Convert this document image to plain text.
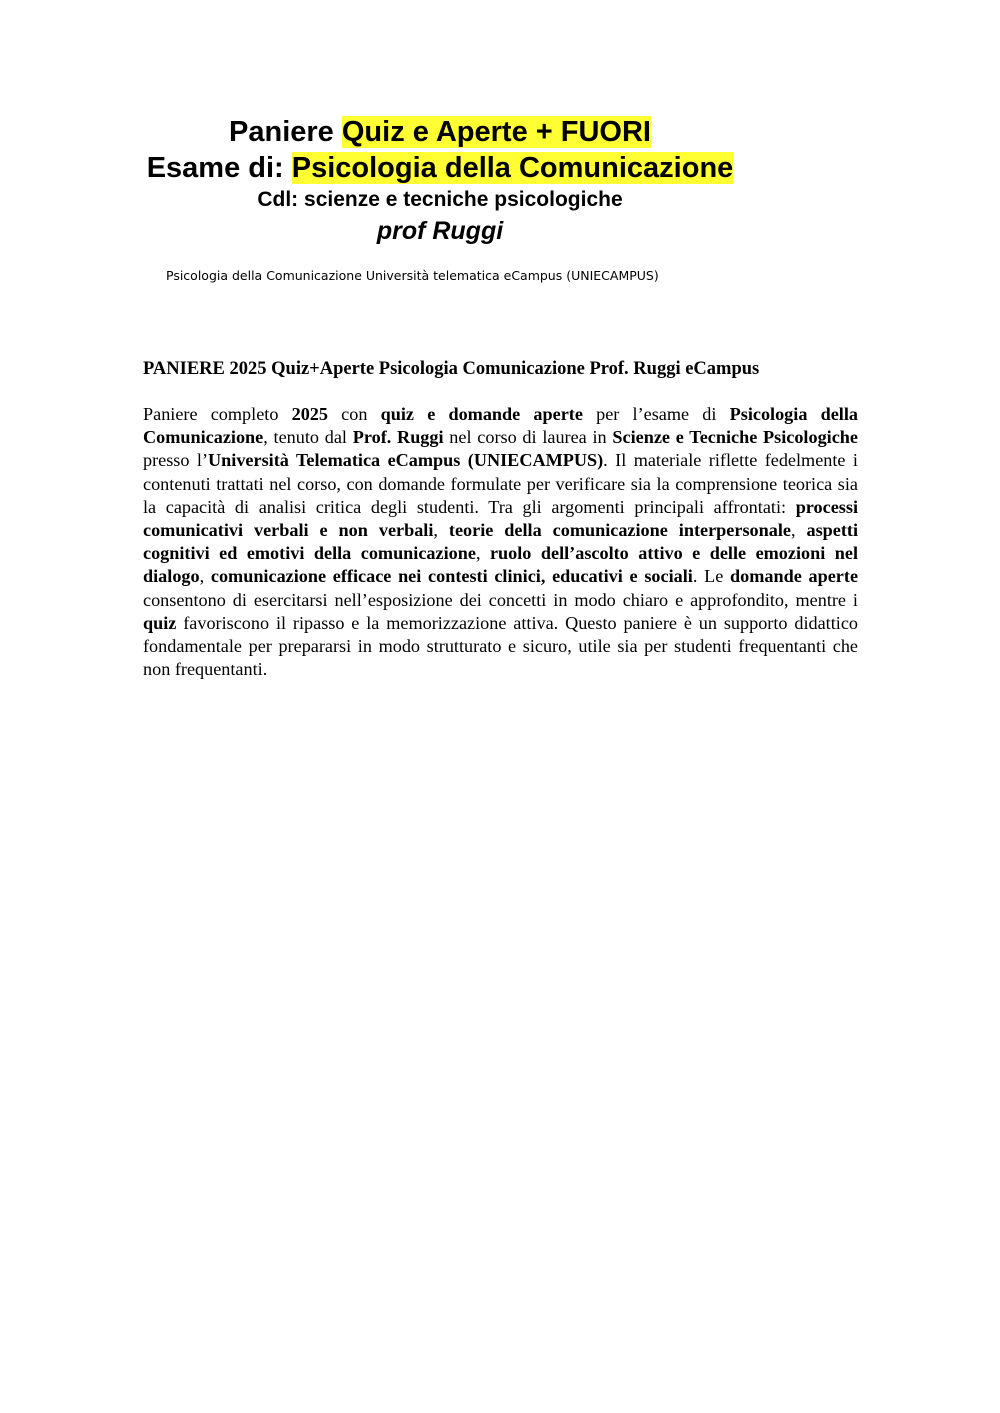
Paniere Quiz e Aperte + FUORI

Esame di: Psicologia della Comunicazione

Cdl: scienze e tecniche psicologiche

prof Ruggi

Psicologia della Comunicazione Università telematica eCampus (UNIECAMPUS)

PANIERE 2025 Quiz+Aperte Psicologia Comunicazione Prof. Ruggi eCampus

Paniere completo 2025 con quiz e domande aperte per l’esame di Psicologia della Comunicazione, tenuto dal Prof. Ruggi nel corso di laurea in Scienze e Tecniche Psicologiche presso l’Università Telematica eCampus (UNIECAMPUS). Il materiale riflette fedelmente i contenuti trattati nel corso, con domande formulate per verificare sia la comprensione teorica sia la capacità di analisi critica degli studenti. Tra gli argomenti principali affrontati: processi comunicativi verbali e non verbali, teorie della comunicazione interpersonale, aspetti cognitivi ed emotivi della comunicazione, ruolo dell’ascolto attivo e delle emozioni nel dialogo, comunicazione efficace nei contesti clinici, educativi e sociali. Le domande aperte consentono di esercitarsi nell’esposizione dei concetti in modo chiaro e approfondito, mentre i quiz favoriscono il ripasso e la memorizzazione attiva. Questo paniere è un supporto didattico fondamentale per prepararsi in modo strutturato e sicuro, utile sia per studenti frequentanti che non frequentanti.
